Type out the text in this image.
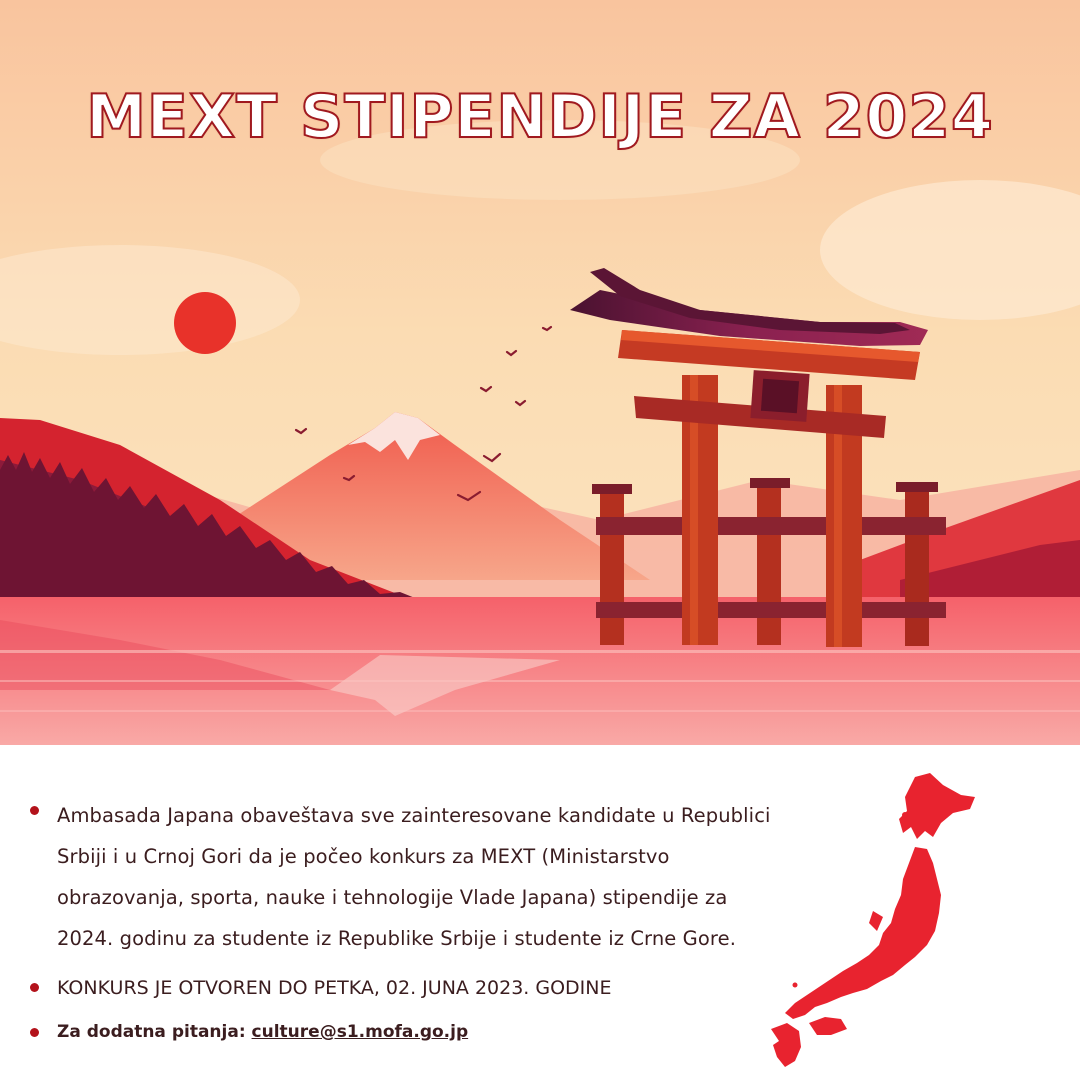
MEXT STIPENDIJE ZA 2024
Ambasada Japana obaveštava sve zainteresovane kandidate u Republici Srbiji i u Crnoj Gori da je počeo konkurs za MEXT (Ministarstvo obrazovanja, sporta, nauke i tehnologije Vlade Japana) stipendije za 2024. godinu za studente iz Republike Srbije i studente iz Crne Gore.
KONKURS JE OTVOREN DO PETKA, 02. JUNA 2023. GODINE
Za dodatna pitanja: culture@s1.mofa.go.jp
